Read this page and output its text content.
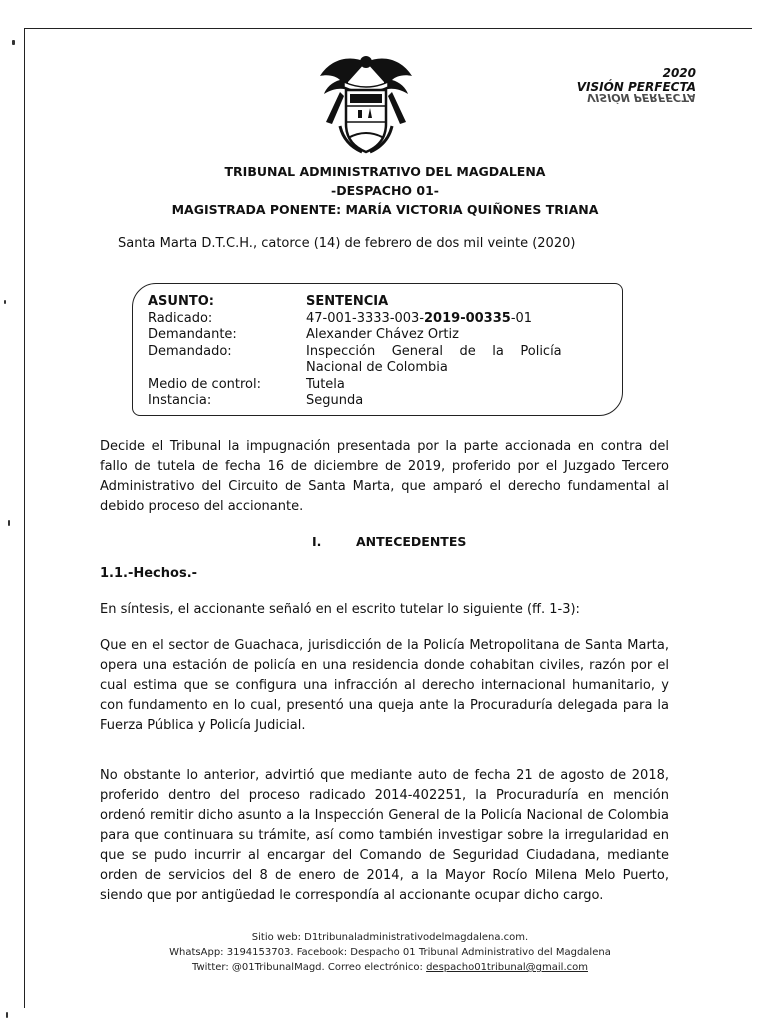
2020
VISIÓN PERFECTA
VISIÓN PERFECTA
TRIBUNAL ADMINISTRATIVO DEL MAGDALENA
-DESPACHO 01-
MAGISTRADA PONENTE: MARÍA VICTORIA QUIÑONES TRIANA
Santa Marta D.T.C.H., catorce (14) de febrero de dos mil veinte (2020)
ASUNTO:	SENTENCIA
Radicado:	47-001-3333-003-2019-00335-01
Demandante:	Alexander Chávez Ortiz
Demandado:	Inspección    General    de    la    Policía
Nacional de Colombia
Medio de control:	Tutela
Instancia:	Segunda

Decide el Tribunal la impugnación presentada por la parte accionada en contra del fallo de tutela de fecha 16 de diciembre de 2019, proferido por el Juzgado Tercero Administrativo del Circuito de Santa Marta, que amparó el derecho fundamental al debido proceso del accionante.

I.	ANTECEDENTES
1.1.-Hechos.-

En síntesis, el accionante señaló en el escrito tutelar lo siguiente (ff. 1-3):

Que en el sector de Guachaca, jurisdicción de la Policía Metropolitana de Santa Marta, opera una estación de policía en una residencia donde cohabitan civiles, razón por el cual estima que se configura una infracción al derecho internacional humanitario, y con fundamento en lo cual, presentó una queja ante la Procuraduría delegada para la Fuerza Pública y Policía Judicial.

No obstante lo anterior, advirtió que mediante auto de fecha 21 de agosto de 2018, proferido dentro del proceso radicado 2014-402251, la Procuraduría en mención ordenó remitir dicho asunto a la Inspección General de la Policía Nacional de Colombia para que continuara su trámite, así como también investigar sobre la irregularidad en que se pudo incurrir al encargar del Comando de Seguridad Ciudadana, mediante orden de servicios del 8 de enero de 2014, a la Mayor Rocío Milena Melo Puerto, siendo que por antigüedad le correspondía al accionante ocupar dicho cargo.

Sitio web: D1tribunaladministrativodelmagdalena.com.
WhatsApp: 3194153703. Facebook: Despacho 01 Tribunal Administrativo del Magdalena
Twitter: @01TribunalMagd. Correo electrónico: despacho01tribunal@gmail.com
